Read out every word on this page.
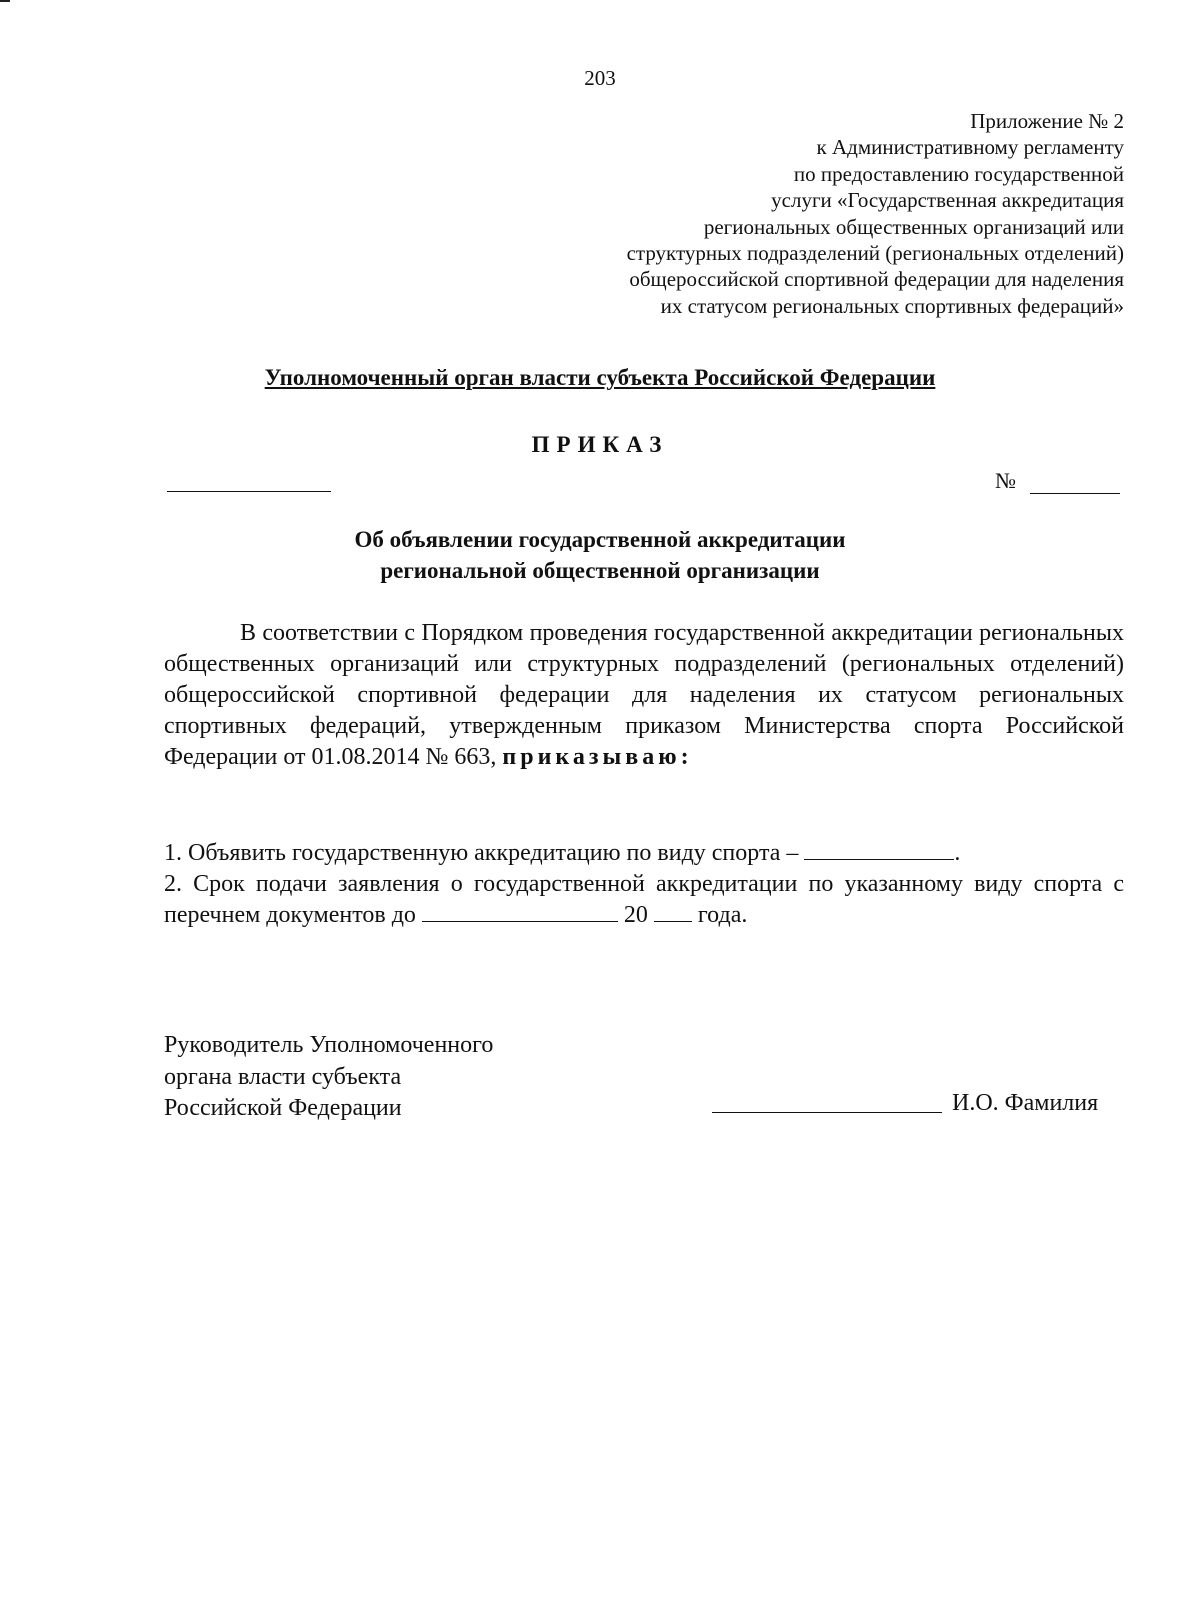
203
Приложение № 2
к Административному регламенту
по предоставлению государственной
услуги «Государственная аккредитация
региональных общественных организаций или
структурных подразделений (региональных отделений)
общероссийской спортивной федерации для наделения
их статусом региональных спортивных федераций»
Уполномоченный орган власти субъекта Российской Федерации
ПРИКАЗ
№
Об объявлении государственной аккредитации
региональной общественной организации
В соответствии с Порядком проведения государственной аккредитации региональных общественных организаций или структурных подразделений (региональных отделений) общероссийской спортивной федерации для наделения их статусом региональных спортивных федераций, утвержденным приказом Министерства спорта Российской Федерации от 01.08.2014 № 663, приказываю:
1. Объявить государственную аккредитацию по виду спорта –	.
2. Срок подачи заявления о государственной аккредитации по указанному виду спорта с перечнем документов до	20  года.
Руководитель Уполномоченного
органа власти субъекта
Российской Федерации	И.О. Фамилия
